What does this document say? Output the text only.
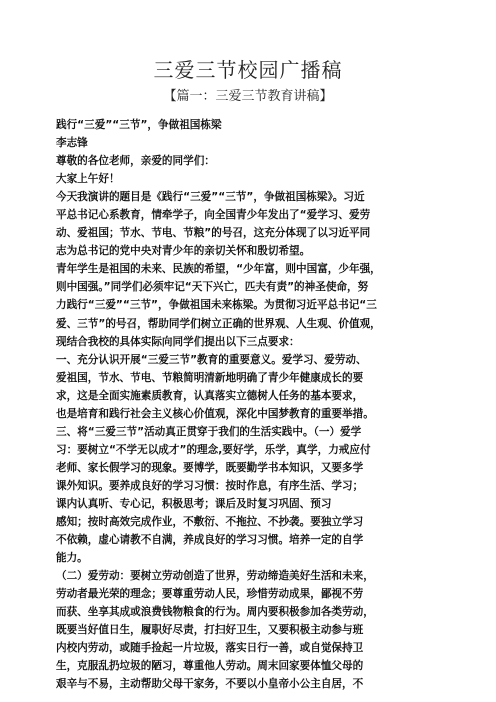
三爱三节校园广播稿
【篇一：三爱三节教育讲稿】
践行“三爱”“三节”，争做祖国栋梁
李志锋
尊敬的各位老师，亲爱的同学们：
大家上午好！
今天我演讲的题目是《践行“三爱”“三节”，争做祖国栋梁》。习近
平总书记心系教育，情牵学子，向全国青少年发出了“爱学习、爱劳
动、爱祖国；节水、节电、节粮”的号召，这充分体现了以习近平同
志为总书记的党中央对青少年的亲切关怀和殷切希望。
青年学生是祖国的未来、民族的希望，“少年富，则中国富，少年强，
则中国强。”同学们必须牢记“天下兴亡，匹夫有责”的神圣使命，努
力践行“三爱”“三节”，争做祖国未来栋梁。为贯彻习近平总书记“三
爱、三节”的号召，帮助同学们树立正确的世界观、人生观、价值观，
现结合我校的具体实际向同学们提出以下三点要求：
一、充分认识开展“三爱三节”教育的重要意义。爱学习、爱劳动、
爱祖国，节水、节电、节粮简明清新地明确了青少年健康成长的要
求，这是全面实施素质教育，认真落实立德树人任务的基本要求，
也是培育和践行社会主义核心价值观，深化中国梦教育的重要举措。
三、将“三爱三节”活动真正贯穿于我们的生活实践中。（一）爱学
习：要树立“不学无以成才”的理念,要好学，乐学，真学，力戒应付
老师、家长假学习的现象。要博学，既要勤学书本知识，又要多学
课外知识。要养成良好的学习习惯：按时作息，有序生活、学习；
课内认真听、专心记，积极思考；课后及时复习巩固、预习
感知；按时高效完成作业，不敷衍、不拖拉、不抄袭。要独立学习
不依赖，虚心请教不自满，养成良好的学习习惯。培养一定的自学
能力。
（二）爱劳动：要树立劳动创造了世界，劳动缔造美好生活和未来，
劳动者最光荣的理念；要尊重劳动人民，珍惜劳动成果，鄙视不劳
而获、坐享其成或浪费钱物粮食的行为。周内要积极参加各类劳动，
既要当好值日生，履职好尽责，打扫好卫生，又要积极主动参与班
内校内劳动，或随手捡起一片垃圾，落实日行一善，或自觉保持卫
生，克服乱扔垃圾的陋习，尊重他人劳动。周末回家要体恤父母的
艰辛与不易，主动帮助父母干家务，不要以小皇帝小公主自居，不
